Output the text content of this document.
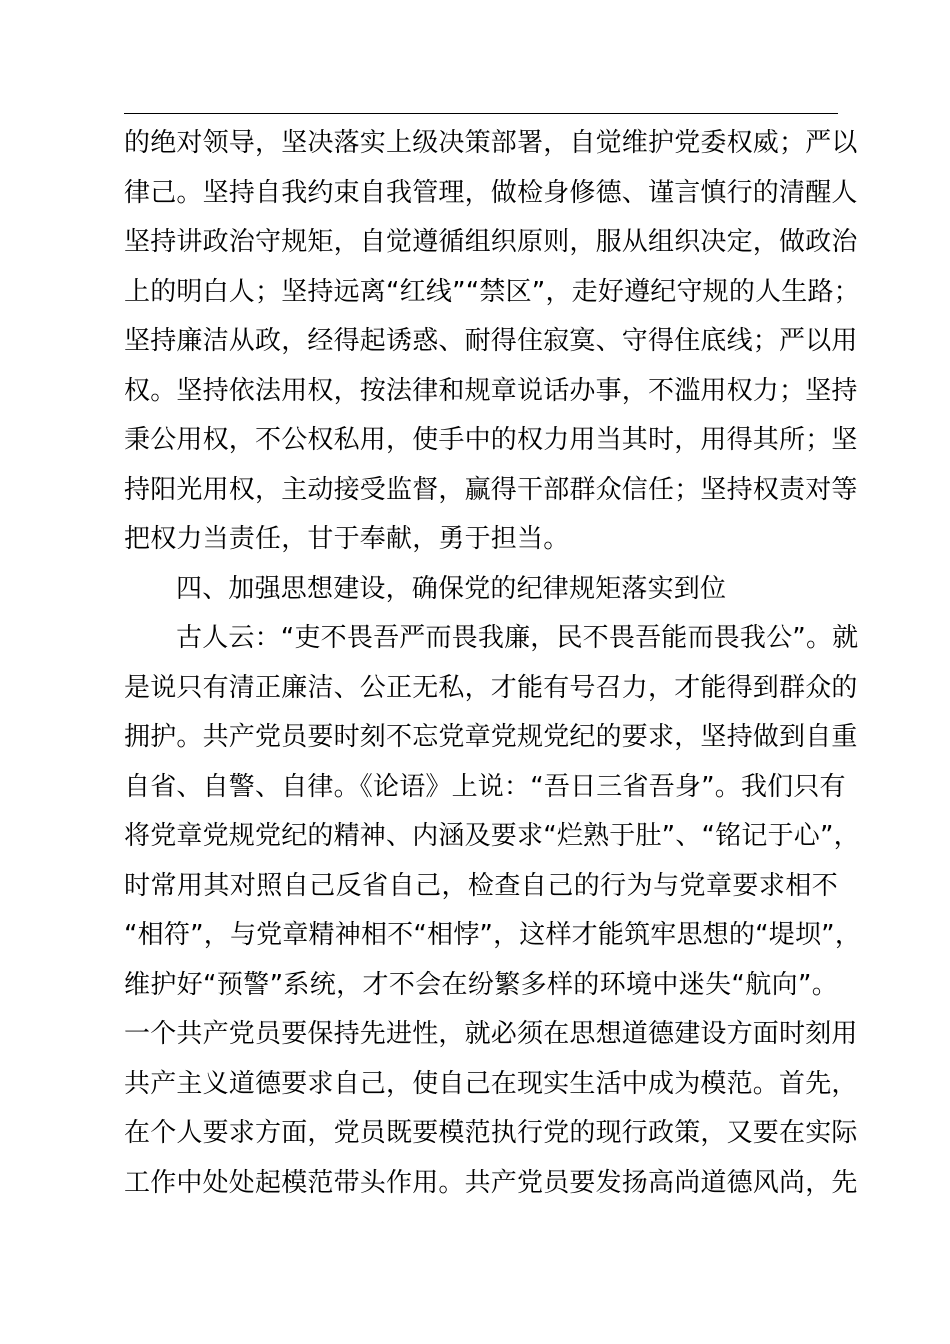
的绝对领导，坚决落实上级决策部署，自觉维护党委权威；严以
律己。坚持自我约束自我管理，做检身修德、谨言慎行的清醒人
坚持讲政治守规矩，自觉遵循组织原则，服从组织决定，做政治
上的明白人；坚持远离“红线”“禁区”，走好遵纪守规的人生路；
坚持廉洁从政，经得起诱惑、耐得住寂寞、守得住底线；严以用
权。坚持依法用权，按法律和规章说话办事，不滥用权力；坚持
秉公用权，不公权私用，使手中的权力用当其时，用得其所；坚
持阳光用权，主动接受监督，赢得干部群众信任；坚持权责对等
把权力当责任，甘于奉献，勇于担当。
四、加强思想建设，确保党的纪律规矩落实到位
古人云：“吏不畏吾严而畏我廉，民不畏吾能而畏我公”。就
是说只有清正廉洁、公正无私，才能有号召力，才能得到群众的
拥护。共产党员要时刻不忘党章党规党纪的要求，坚持做到自重
自省、自警、自律。《论语》上说：“吾日三省吾身”。我们只有
将党章党规党纪的精神、内涵及要求“烂熟于肚”、“铭记于心”，
时常用其对照自己反省自己，检查自己的行为与党章要求相不
“相符”，与党章精神相不“相悖”，这样才能筑牢思想的“堤坝”，
维护好“预警”系统，才不会在纷繁多样的环境中迷失“航向”。
一个共产党员要保持先进性，就必须在思想道德建设方面时刻用
共产主义道德要求自己，使自己在现实生活中成为模范。首先，
在个人要求方面，党员既要模范执行党的现行政策，又要在实际
工作中处处起模范带头作用。共产党员要发扬高尚道德风尚，先
